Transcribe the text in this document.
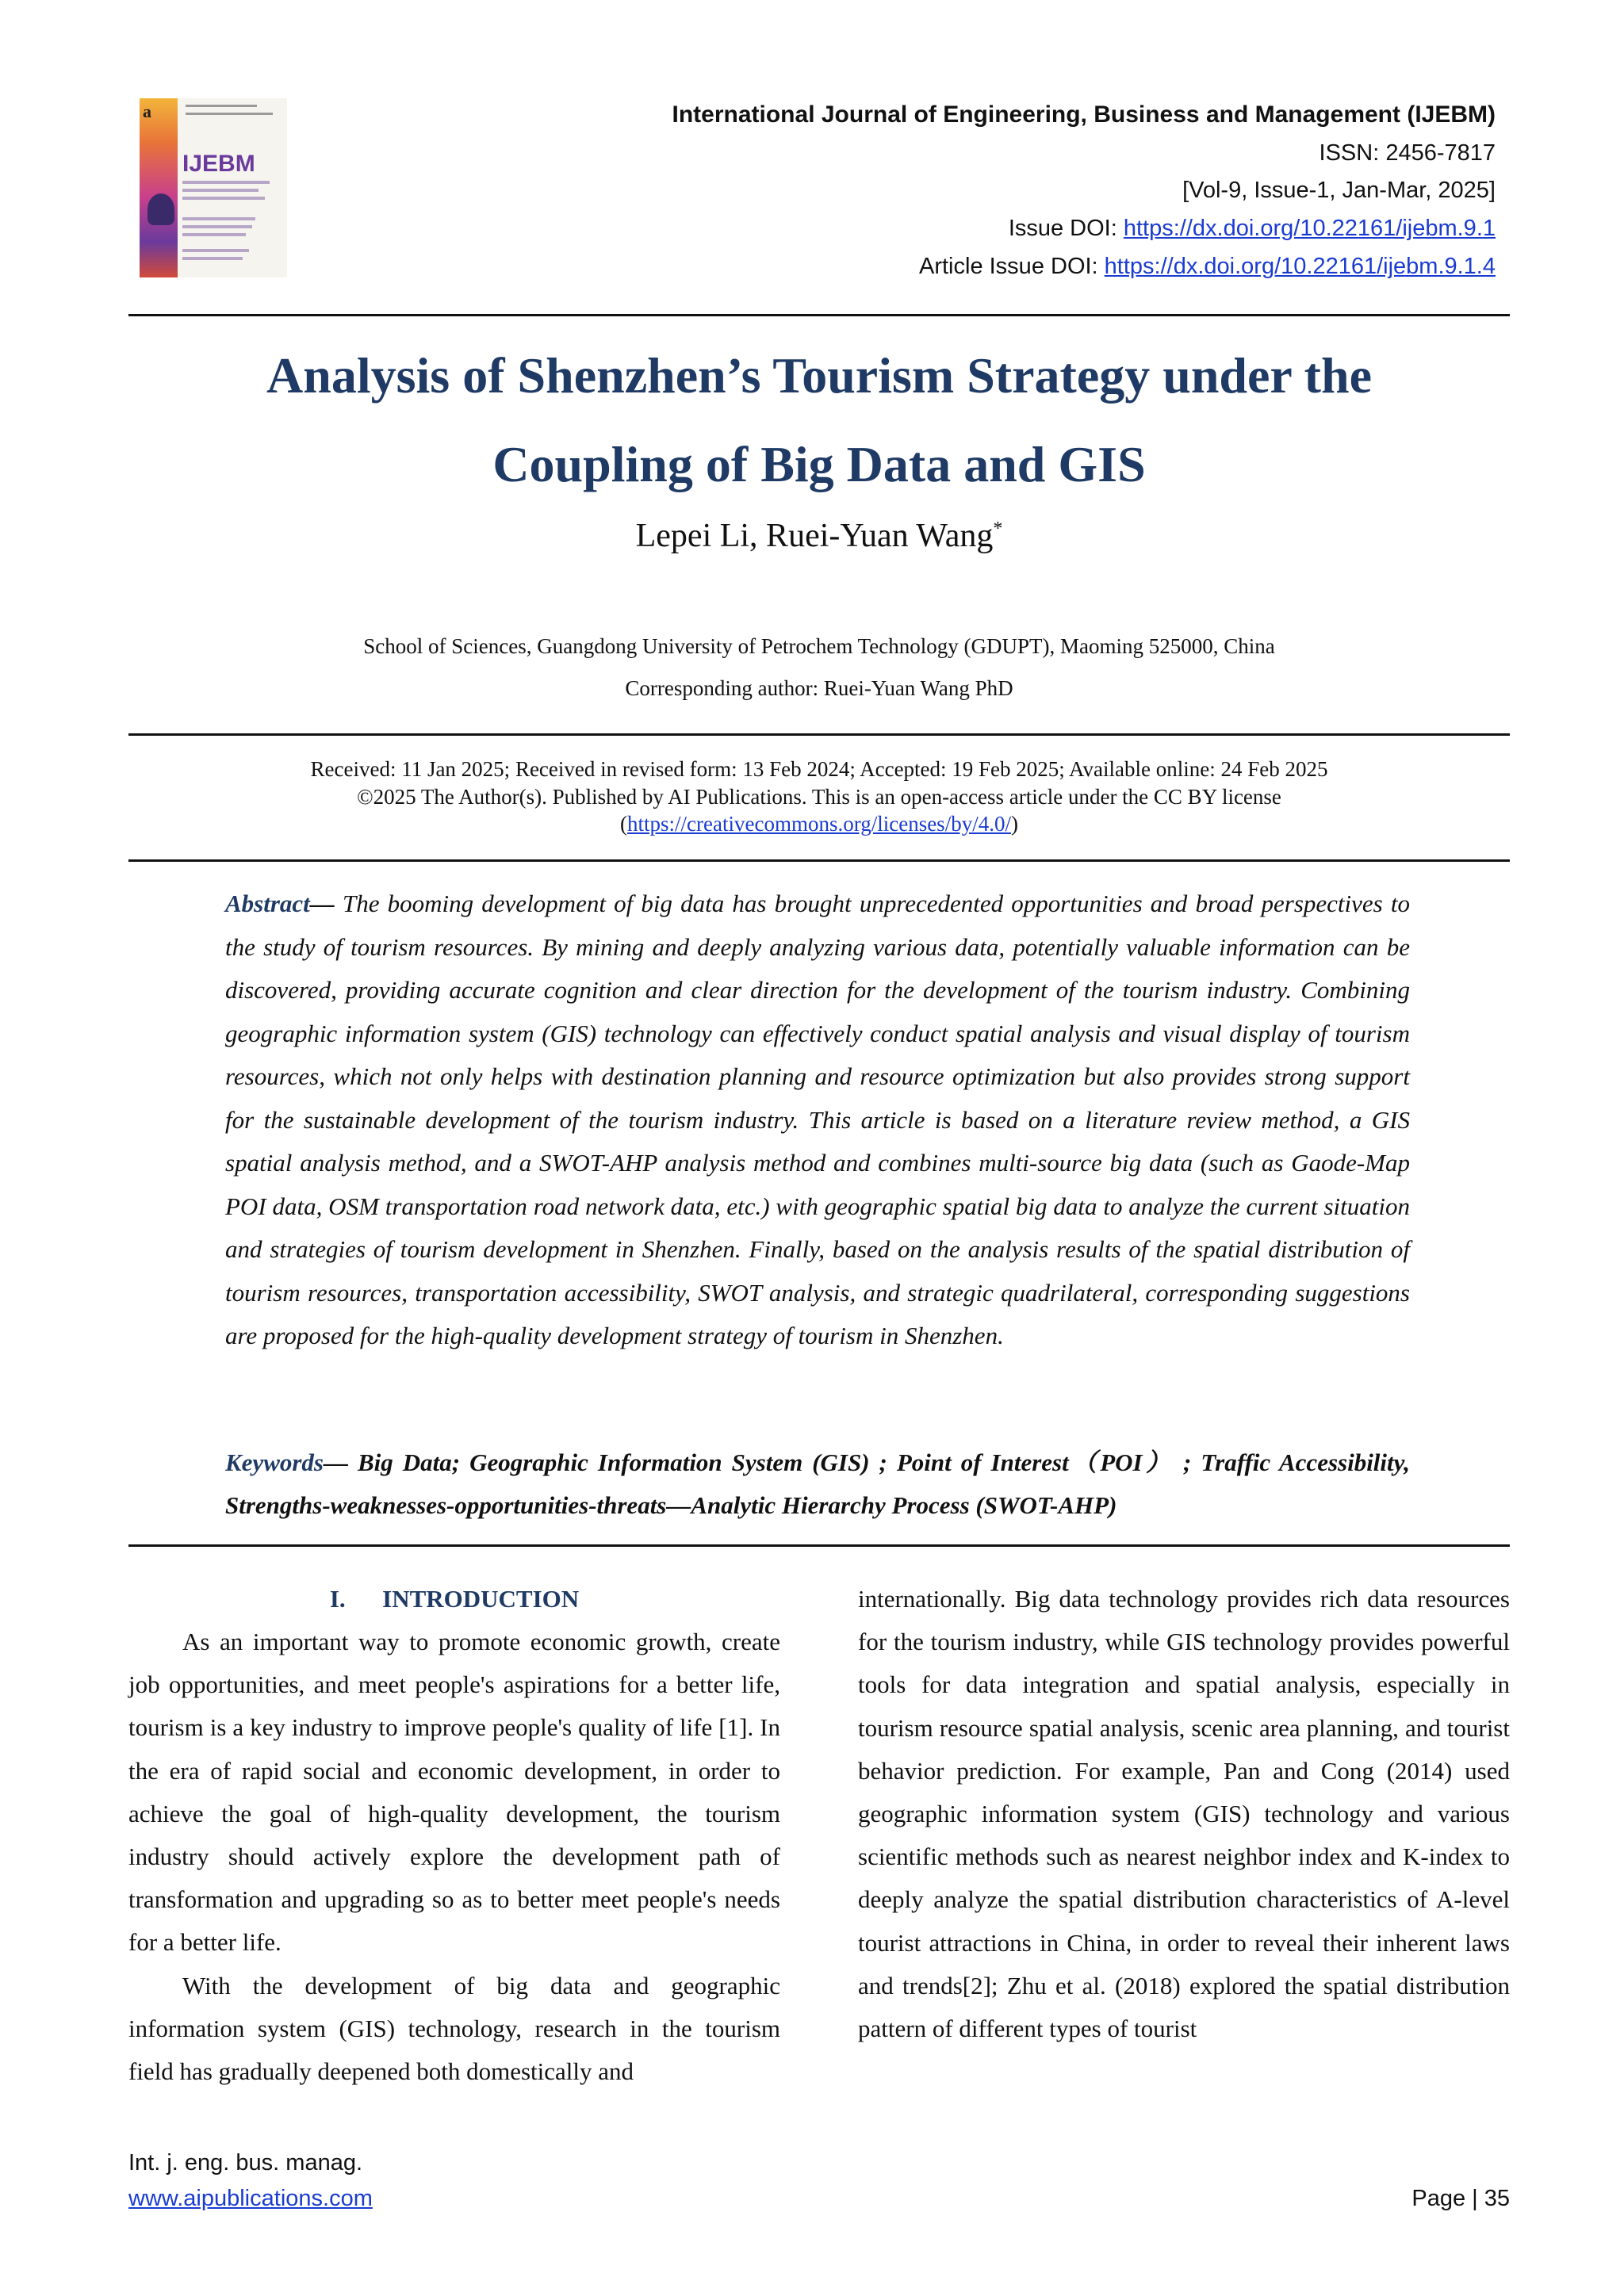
a
IJEBM
International Journal of Engineering, Business and Management (IJEBM)
ISSN: 2456-7817
[Vol-9, Issue-1, Jan-Mar, 2025]
Issue DOI: https://dx.doi.org/10.22161/ijebm.9.1
Article Issue DOI: https://dx.doi.org/10.22161/ijebm.9.1.4
Analysis of Shenzhen’s Tourism Strategy under the
Coupling of Big Data and GIS
Lepei Li, Ruei-Yuan Wang*
School of Sciences, Guangdong University of Petrochem Technology (GDUPT), Maoming 525000, China
Corresponding author: Ruei-Yuan Wang PhD
Received: 11 Jan 2025; Received in revised form: 13 Feb 2024; Accepted: 19 Feb 2025; Available online: 24 Feb 2025
©2025 The Author(s). Published by AI Publications. This is an open-access article under the CC BY license
(https://creativecommons.org/licenses/by/4.0/)
Abstract— The booming development of big data has brought unprecedented opportunities and broad perspectives to the study of tourism resources. By mining and deeply analyzing various data, potentially valuable information can be discovered, providing accurate cognition and clear direction for the development of the tourism industry. Combining geographic information system (GIS) technology can effectively conduct spatial analysis and visual display of tourism resources, which not only helps with destination planning and resource optimization but also provides strong support for the sustainable development of the tourism industry. This article is based on a literature review method, a GIS spatial analysis method, and a SWOT-AHP analysis method and combines multi-source big data (such as Gaode-Map POI data, OSM transportation road network data, etc.) with geographic spatial big data to analyze the current situation and strategies of tourism development in Shenzhen. Finally, based on the analysis results of the spatial distribution of tourism resources, transportation accessibility, SWOT analysis, and strategic quadrilateral, corresponding suggestions are proposed for the high-quality development strategy of tourism in Shenzhen.
Keywords— Big Data; Geographic Information System (GIS) ; Point of Interest（POI） ; Traffic Accessibility, Strengths-weaknesses-opportunities-threats—Analytic Hierarchy Process (SWOT-AHP)

I. INTRODUCTION

As an important way to promote economic growth, create job opportunities, and meet people's aspirations for a better life, tourism is a key industry to improve people's quality of life [1]. In the era of rapid social and economic development, in order to achieve the goal of high-quality development, the tourism industry should actively explore the development path of transformation and upgrading so as to better meet people's needs for a better life.

With the development of big data and geographic information system (GIS) technology, research in the tourism field has gradually deepened both domestically and

internationally. Big data technology provides rich data resources for the tourism industry, while GIS technology provides powerful tools for data integration and spatial analysis, especially in tourism resource spatial analysis, scenic area planning, and tourist behavior prediction. For example, Pan and Cong (2014) used geographic information system (GIS) technology and various scientific methods such as nearest neighbor index and K-index to deeply analyze the spatial distribution characteristics of A-level tourist attractions in China, in order to reveal their inherent laws and trends[2]; Zhu et al. (2018) explored the spatial distribution pattern of different types of tourist

Int. j. eng. bus. manag.
www.aipublications.com	Page | 35
